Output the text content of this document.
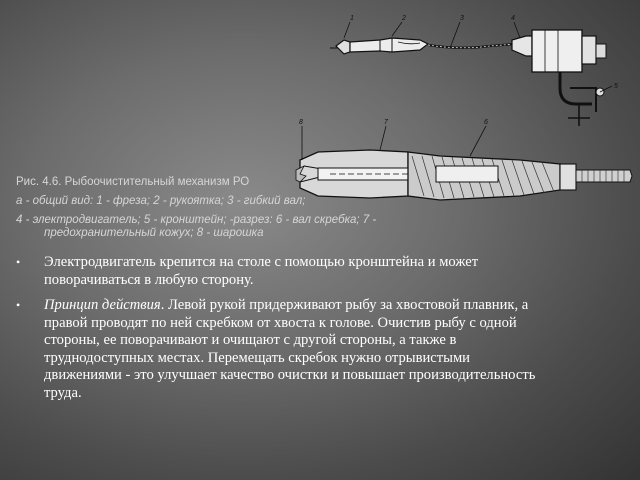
1	2	3	4
5
8	7	6
Рис. 4.6. Рыбоочистительный механизм РО
а - общий вид: 1 - фреза; 2 - рукоятка; 3 - гибкий вал;
4 - электродвигатель; 5 - кронштейн; -разрез: 6 - вал скребка; 7 -
предохранительный кожух; 8 - шарошка
• Электродвигатель крепится на столе с помощью кронштейна и может поворачиваться в любую сторону.
• Принцип действия. Левой рукой придерживают рыбу за хвостовой плавник, а правой проводят по ней скребком от хвоста к голове. Очистив рыбу с одной стороны, ее поворачивают и очищают с другой стороны, а также в труднодоступных местах. Перемещать скребок нужно отрывистыми движениями - это улучшает качество очистки и повышает производительность труда.
